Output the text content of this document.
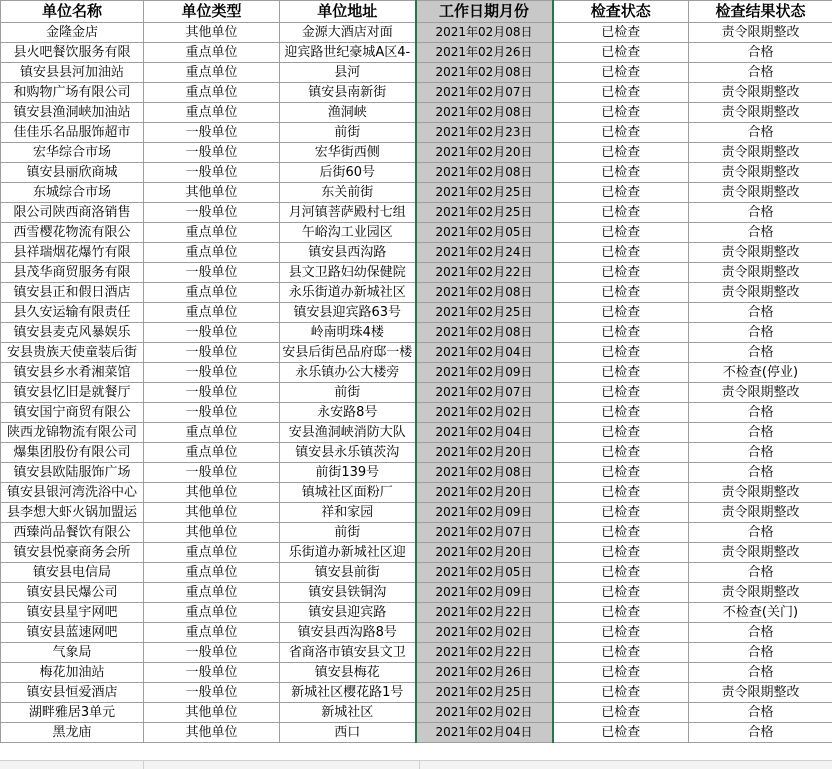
单位名称	单位类型	单位地址	工作日期月份	检查状态	检查结果状态
金隆金店	其他单位	金源大酒店对面	2021年02月08日	已检查	责令限期整改
县火吧餐饮服务有限	重点单位	迎宾路世纪豪城A区4-	2021年02月26日	已检查	合格
镇安县县河加油站	重点单位	县河	2021年02月08日	已检查	合格
和购物广场有限公司	重点单位	镇安县南新街	2021年02月07日	已检查	责令限期整改
镇安县渔洞峡加油站	重点单位	渔洞峡	2021年02月08日	已检查	责令限期整改
佳佳乐名品服饰超市	一般单位	前街	2021年02月23日	已检查	合格
宏华综合市场	一般单位	宏华街西侧	2021年02月20日	已检查	责令限期整改
镇安县丽欣商城	一般单位	后街60号	2021年02月08日	已检查	责令限期整改
东城综合市场	其他单位	东关前街	2021年02月25日	已检查	责令限期整改
限公司陕西商洛销售	一般单位	月河镇菩萨殿村七组	2021年02月25日	已检查	合格
西雪樱花物流有限公	重点单位	午峪沟工业园区	2021年02月05日	已检查	合格
县祥瑞烟花爆竹有限	重点单位	镇安县西沟路	2021年02月24日	已检查	责令限期整改
县茂华商贸服务有限	一般单位	县文卫路妇幼保健院	2021年02月22日	已检查	责令限期整改
镇安县正和假日酒店	重点单位	永乐街道办新城社区	2021年02月08日	已检查	责令限期整改
县久安运输有限责任	重点单位	镇安县迎宾路63号	2021年02月25日	已检查	合格
镇安县麦克风暴娱乐	一般单位	岭南明珠4楼	2021年02月08日	已检查	合格
安县贵族天使童装后街	一般单位	安县后街邑品府邸一楼	2021年02月04日	已检查	合格
镇安县乡水肴湘菜馆	一般单位	永乐镇办公大楼旁	2021年02月09日	已检查	不检查(停业)
镇安县忆旧是就餐厅	一般单位	前街	2021年02月07日	已检查	责令限期整改
镇安国宁商贸有限公	一般单位	永安路8号	2021年02月02日	已检查	合格
陕西龙锦物流有限公司	重点单位	安县渔洞峡消防大队	2021年02月04日	已检查	合格
爆集团股份有限公司	重点单位	镇安县永乐镇茨沟	2021年02月20日	已检查	合格
镇安县欧陆服饰广场	一般单位	前街139号	2021年02月08日	已检查	合格
镇安县银河湾洗浴中心	其他单位	镇城社区面粉厂	2021年02月20日	已检查	责令限期整改
县李想大虾火锅加盟运	其他单位	祥和家园	2021年02月09日	已检查	责令限期整改
西臻尚品餐饮有限公	其他单位	前街	2021年02月07日	已检查	合格
镇安县悦豪商务会所	重点单位	乐街道办新城社区迎	2021年02月20日	已检查	责令限期整改
镇安县电信局	重点单位	镇安县前街	2021年02月05日	已检查	合格
镇安县民爆公司	重点单位	镇安县铁铜沟	2021年02月09日	已检查	责令限期整改
镇安县星宇网吧	重点单位	镇安县迎宾路	2021年02月22日	已检查	不检查(关门)
镇安县蓝速网吧	重点单位	镇安县西沟路8号	2021年02月02日	已检查	合格
气象局	一般单位	省商洛市镇安县文卫	2021年02月22日	已检查	合格
梅花加油站	一般单位	镇安县梅花	2021年02月26日	已检查	合格
镇安县恒爱酒店	一般单位	新城社区樱花路1号	2021年02月25日	已检查	责令限期整改
湖畔雅居3单元	其他单位	新城社区	2021年02月02日	已检查	合格
黑龙庙	其他单位	西口	2021年02月04日	已检查	合格
